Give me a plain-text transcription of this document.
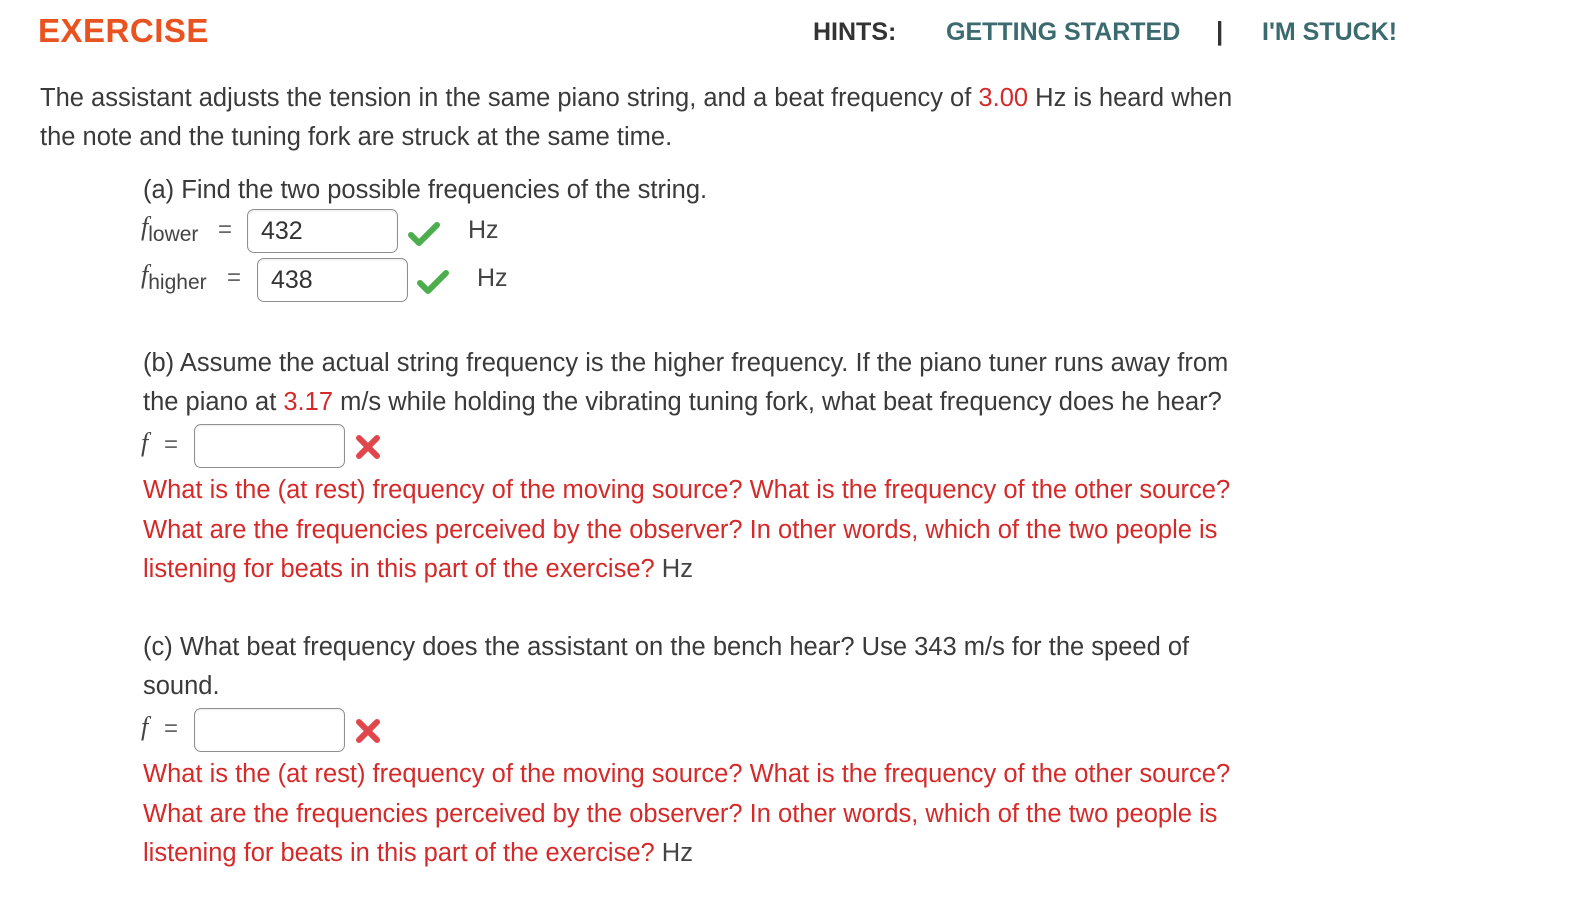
EXERCISE	HINTS: GETTING STARTED | I'M STUCK!
The assistant adjusts the tension in the same piano string, and a beat frequency of 3.00 Hz is heard when
the note and the tuning fork are struck at the same time.
(a) Find the two possible frequencies of the string.
flower =
432	Hz
fhigher =
438	Hz
(b) Assume the actual string frequency is the higher frequency. If the piano tuner runs away from
the piano at 3.17 m/s while holding the vibrating tuning fork, what beat frequency does he hear?
f =
What is the (at rest) frequency of the moving source? What is the frequency of the other source?
What are the frequencies perceived by the observer? In other words, which of the two people is
listening for beats in this part of the exercise? Hz
(c) What beat frequency does the assistant on the bench hear? Use 343 m/s for the speed of
sound.
f =
What is the (at rest) frequency of the moving source? What is the frequency of the other source?
What are the frequencies perceived by the observer? In other words, which of the two people is
listening for beats in this part of the exercise? Hz
